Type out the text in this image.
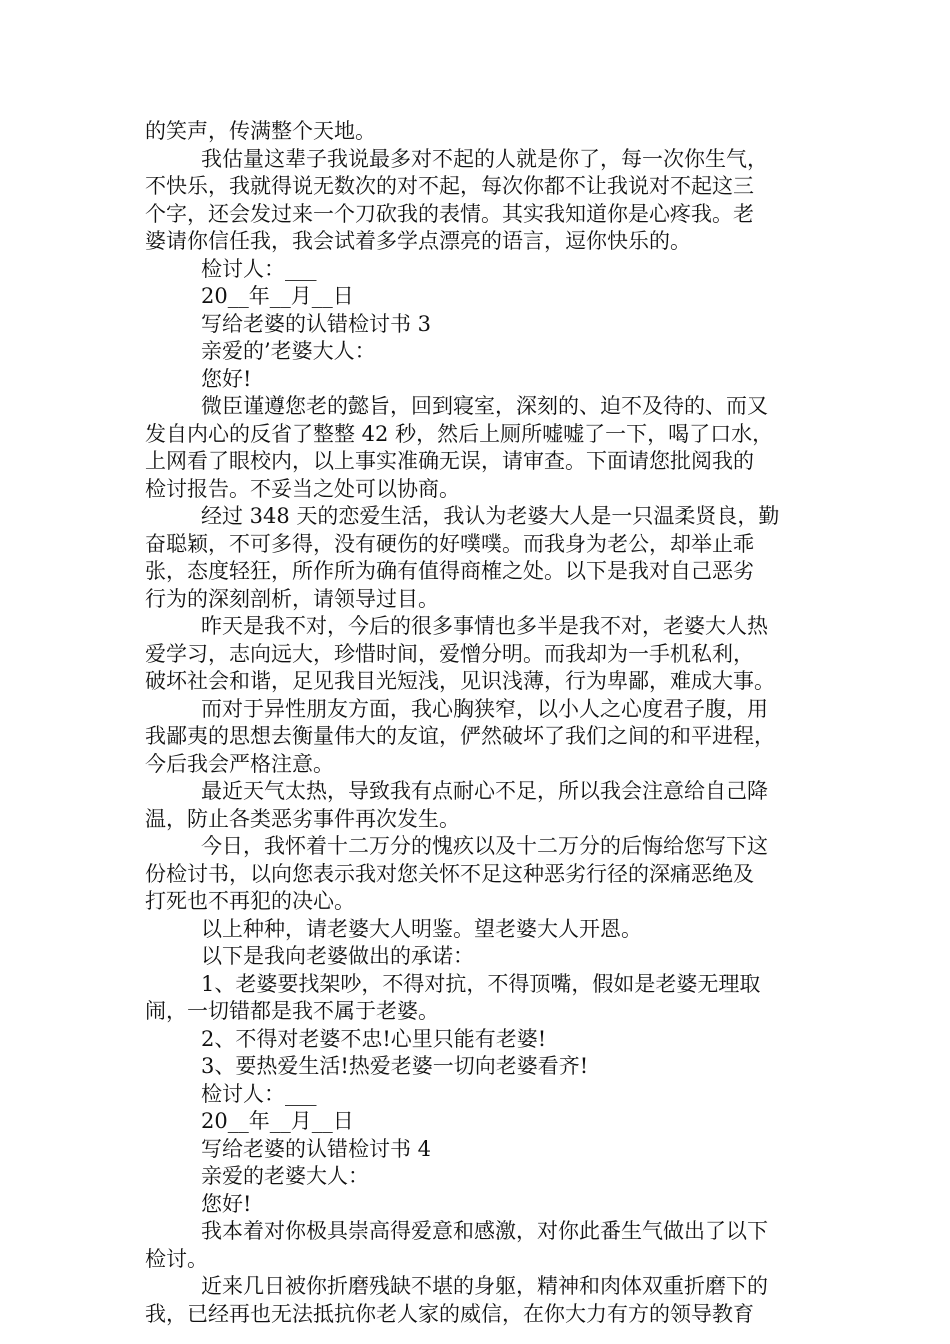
的笑声，传满整个天地。
我估量这辈子我说最多对不起的人就是你了，每一次你生气，
不快乐，我就得说无数次的对不起，每次你都不让我说对不起这三
个字，还会发过来一个刀砍我的表情。其实我知道你是心疼我。老
婆请你信任我，我会试着多学点漂亮的语言，逗你快乐的。
检讨人：___
20__年__月__日
写给老婆的认错检讨书 3
亲爱的’老婆大人：
您好!
微臣谨遵您老的懿旨，回到寝室，深刻的、迫不及待的、而又
发自内心的反省了整整 42 秒，然后上厕所嘘嘘了一下，喝了口水，
上网看了眼校内，以上事实准确无误，请审查。下面请您批阅我的
检讨报告。不妥当之处可以协商。
经过 348 天的恋爱生活，我认为老婆大人是一只温柔贤良，勤
奋聪颖，不可多得，没有硬伤的好噗噗。而我身为老公，却举止乖
张，态度轻狂，所作所为确有值得商榷之处。以下是我对自己恶劣
行为的深刻剖析，请领导过目。
昨天是我不对，今后的很多事情也多半是我不对，老婆大人热
爱学习，志向远大，珍惜时间，爱憎分明。而我却为一手机私利，
破坏社会和谐，足见我目光短浅，见识浅薄，行为卑鄙，难成大事。
而对于异性朋友方面，我心胸狭窄，以小人之心度君子腹，用
我鄙夷的思想去衡量伟大的友谊，俨然破坏了我们之间的和平进程，
今后我会严格注意。
最近天气太热，导致我有点耐心不足，所以我会注意给自己降
温，防止各类恶劣事件再次发生。
今日，我怀着十二万分的愧疚以及十二万分的后悔给您写下这
份检讨书，以向您表示我对您关怀不足这种恶劣行径的深痛恶绝及
打死也不再犯的决心。
以上种种，请老婆大人明鉴。望老婆大人开恩。
以下是我向老婆做出的承诺：
1、老婆要找架吵，不得对抗，不得顶嘴，假如是老婆无理取
闹，一切错都是我不属于老婆。
2、不得对老婆不忠!心里只能有老婆!
3、要热爱生活!热爱老婆一切向老婆看齐!
检讨人：___
20__年__月__日
写给老婆的认错检讨书 4
亲爱的老婆大人：
您好!
我本着对你极具崇高得爱意和感激，对你此番生气做出了以下
检讨。
近来几日被你折磨残缺不堪的身躯，精神和肉体双重折磨下的
我，已经再也无法抵抗你老人家的威信，在你大力有方的领导教育
